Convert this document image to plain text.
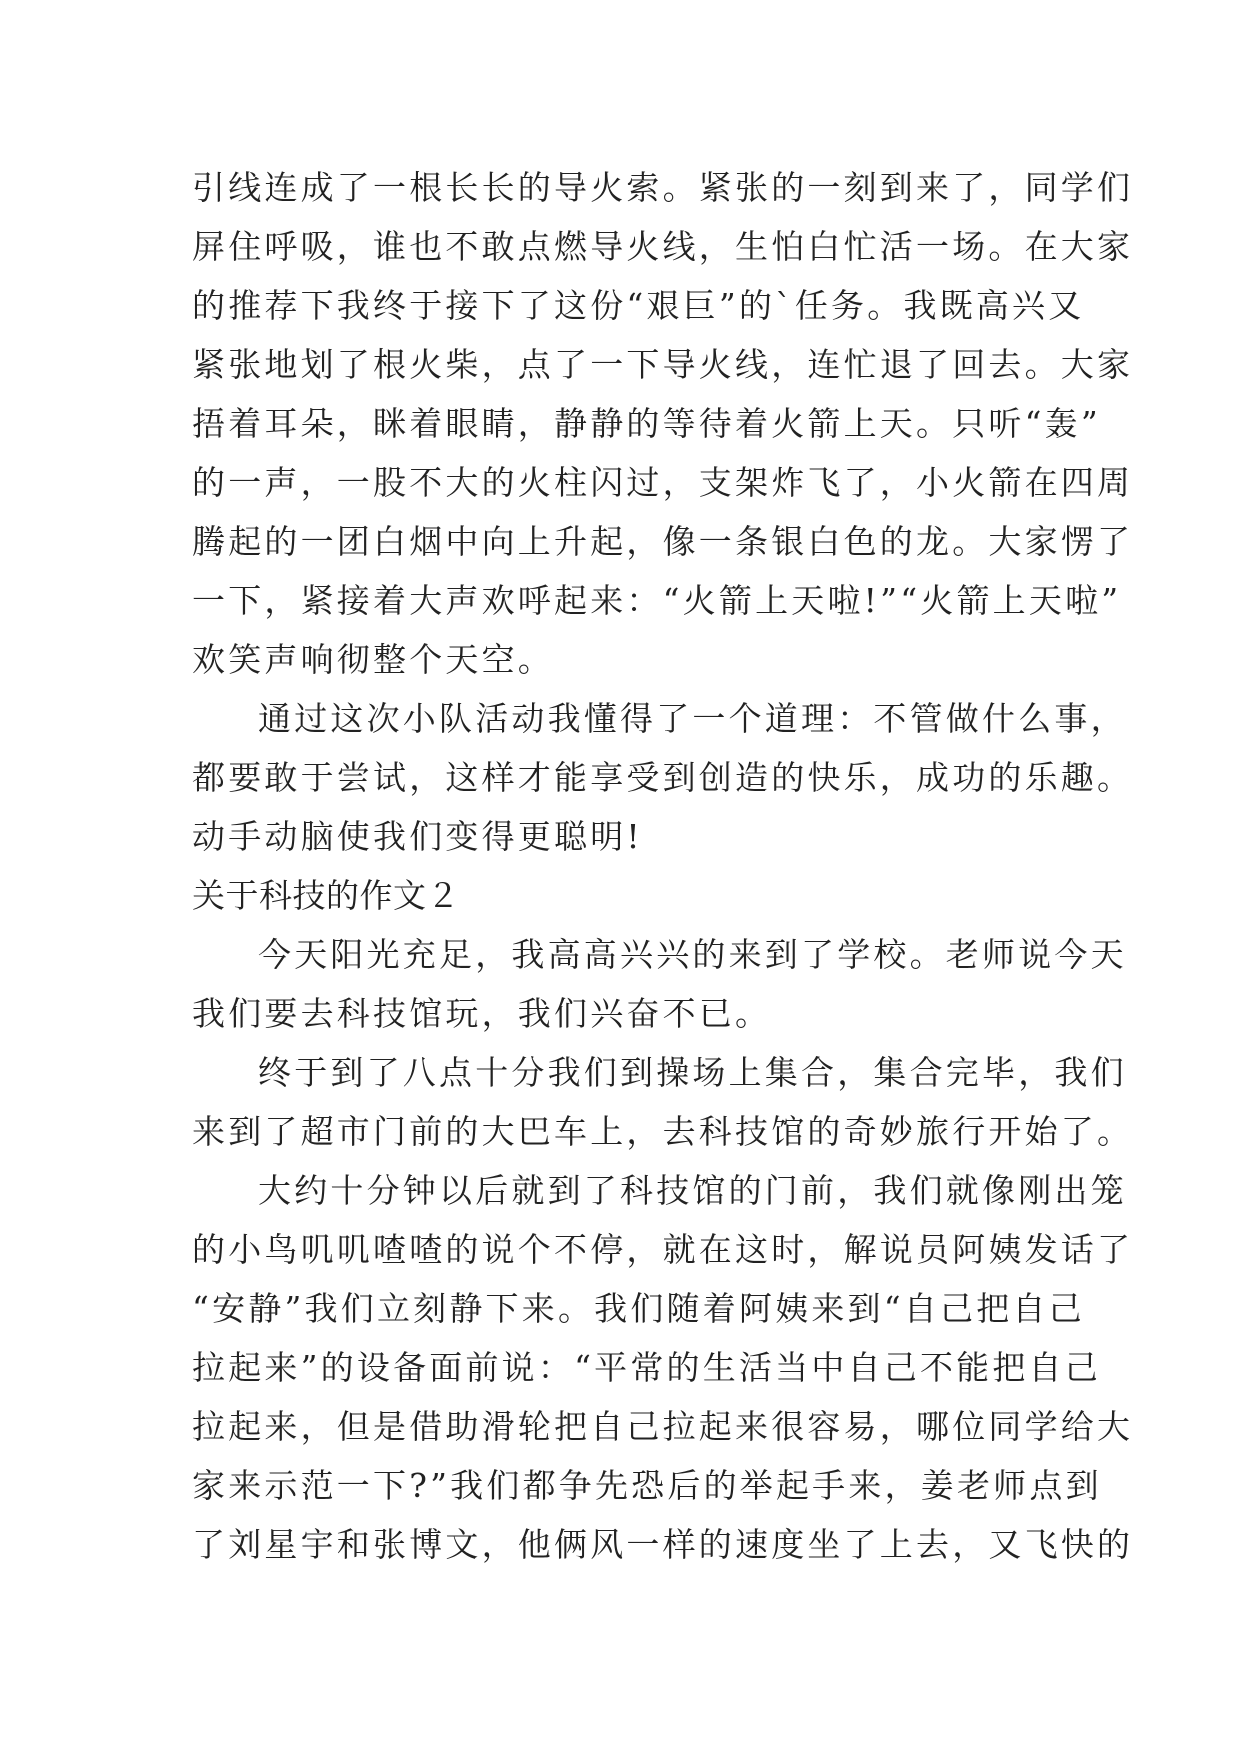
引线连成了一根长长的导火索。紧张的一刻到来了，同学们
屏住呼吸，谁也不敢点燃导火线，生怕白忙活一场。在大家
的推荐下我终于接下了这份“艰巨”的`任务。我既高兴又
紧张地划了根火柴，点了一下导火线，连忙退了回去。大家
捂着耳朵，眯着眼睛，静静的等待着火箭上天。只听“轰”
的一声，一股不大的火柱闪过，支架炸飞了，小火箭在四周
腾起的一团白烟中向上升起，像一条银白色的龙。大家愣了
一下，紧接着大声欢呼起来：“火箭上天啦!”“火箭上天啦”
欢笑声响彻整个天空。
通过这次小队活动我懂得了一个道理：不管做什么事，
都要敢于尝试，这样才能享受到创造的快乐，成功的乐趣。
动手动脑使我们变得更聪明!
关于科技的作文２
今天阳光充足，我高高兴兴的来到了学校。老师说今天
我们要去科技馆玩，我们兴奋不已。
终于到了八点十分我们到操场上集合，集合完毕，我们
来到了超市门前的大巴车上，去科技馆的奇妙旅行开始了。
大约十分钟以后就到了科技馆的门前，我们就像刚出笼
的小鸟叽叽喳喳的说个不停，就在这时，解说员阿姨发话了
“安静”我们立刻静下来。我们随着阿姨来到“自己把自己
拉起来”的设备面前说：“平常的生活当中自己不能把自己
拉起来，但是借助滑轮把自己拉起来很容易，哪位同学给大
家来示范一下?”我们都争先恐后的举起手来，姜老师点到
了刘星宇和张博文，他俩风一样的速度坐了上去，又飞快的
